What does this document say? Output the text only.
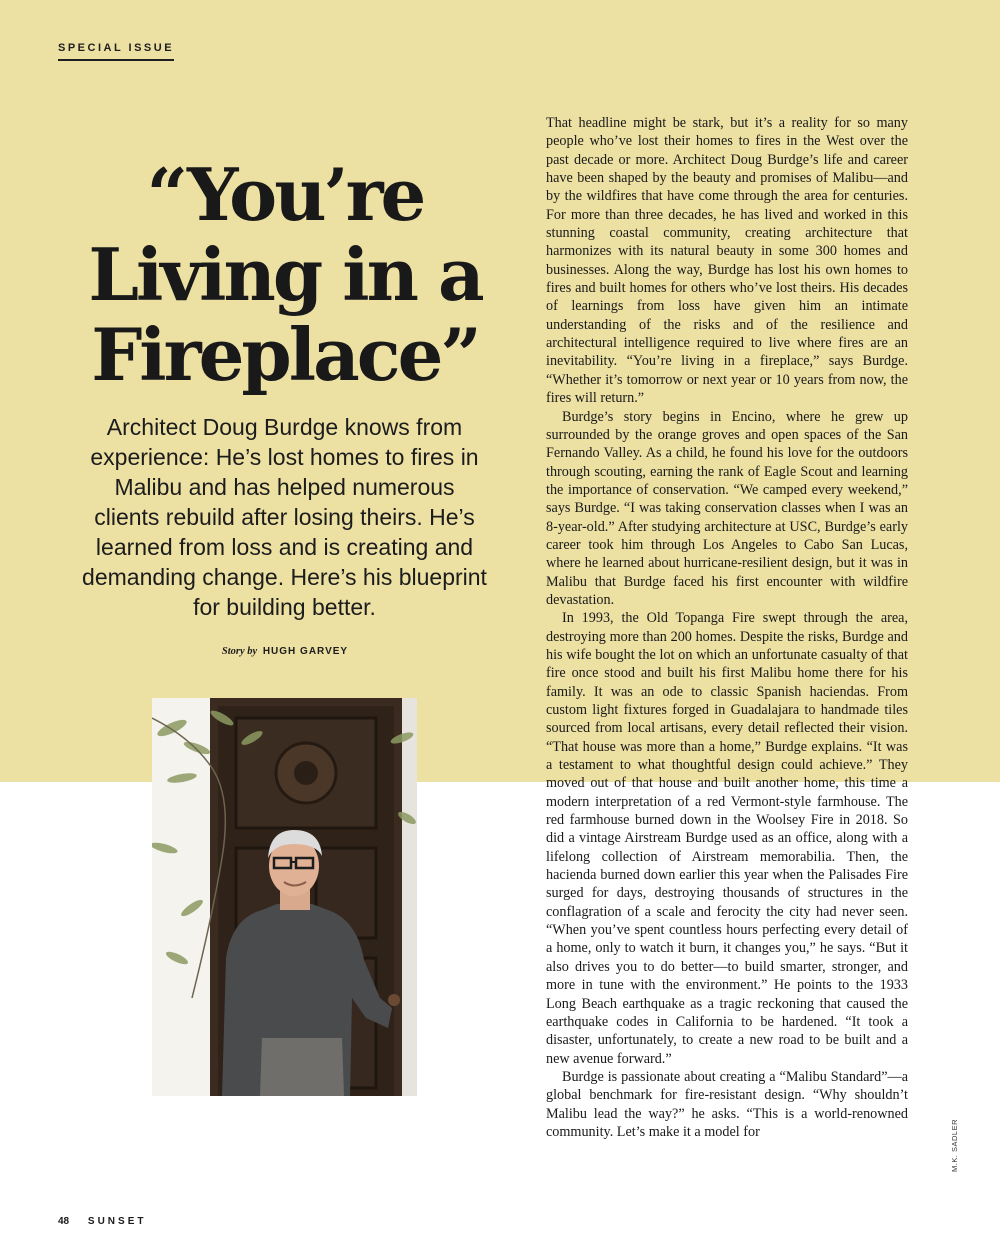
SPECIAL ISSUE
“You’re
Living in a
Fireplace”

Architect Doug Burdge knows from experience: He’s lost homes to fires in Malibu and has helped numerous clients rebuild after losing theirs. He’s learned from loss and is creating and demanding change. Here’s his blueprint for building better.

Story by HUGH GARVEY

That headline might be stark, but it’s a reality for so many people who’ve lost their homes to fires in the West over the past decade or more. Architect Doug Burdge’s life and career have been shaped by the beauty and promises of Malibu—and by the wildfires that have come through the area for centuries. For more than three decades, he has lived and worked in this stunning coastal community, creating architecture that harmonizes with its natural beauty in some 300 homes and businesses. Along the way, Burdge has lost his own homes to fires and built homes for others who’ve lost theirs. His decades of learnings from loss have given him an intimate understanding of the risks and of the resilience and architectural intelligence required to live where fires are an inevitability. “You’re living in a fireplace,” says Burdge. “Whether it’s tomorrow or next year or 10 years from now, the fires will return.”

Burdge’s story begins in Encino, where he grew up surrounded by the orange groves and open spaces of the San Fernando Valley. As a child, he found his love for the outdoors through scouting, earning the rank of Eagle Scout and learning the importance of conservation. “We camped every weekend,” says Burdge. “I was taking conservation classes when I was an 8-year-old.” After studying architecture at USC, Burdge’s early career took him through Los Angeles to Cabo San Lucas, where he learned about hurricane-resilient design, but it was in Malibu that Burdge faced his first encounter with wildfire devastation.

In 1993, the Old Topanga Fire swept through the area, destroying more than 200 homes. Despite the risks, Burdge and his wife bought the lot on which an unfortunate casualty of that fire once stood and built his first Malibu home there for his family. It was an ode to classic Spanish haciendas. From custom light fixtures forged in Guadalajara to handmade tiles sourced from local artisans, every detail reflected their vision. “That house was more than a home,” Burdge explains. “It was a testament to what thoughtful design could achieve.” They moved out of that house and built another home, this time a modern interpretation of a red Vermont-style farmhouse. The red farmhouse burned down in the Woolsey Fire in 2018. So did a vintage Airstream Burdge used as an office, along with a lifelong collection of Airstream memorabilia. Then, the hacienda burned down earlier this year when the Palisades Fire surged for days, destroying thousands of structures in the conflagration of a scale and ferocity the city had never seen. “When you’ve spent countless hours perfecting every detail of a home, only to watch it burn, it changes you,” he says. “But it also drives you to do better—to build smarter, stronger, and more in tune with the environment.” He points to the 1933 Long Beach earthquake as a tragic reckoning that caused the earthquake codes in California to be hardened. “It took a disaster, unfortunately, to create a new road to be built and a new avenue forward.”

Burdge is passionate about creating a “Malibu Standard”—a global benchmark for fire-resistant design. “Why shouldn’t Malibu lead the way?” he asks. “This is a world-renowned community. Let’s make it a model for

48 SUNSET
M.K. SADLER
